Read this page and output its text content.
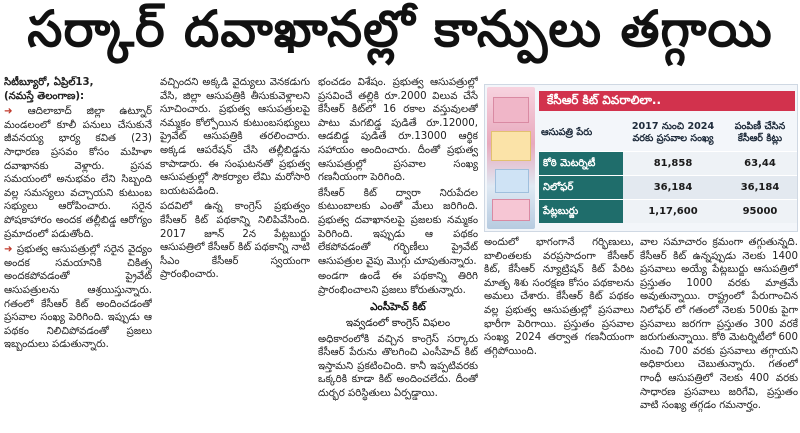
సర్కార్ దవాఖానల్లో కాన్పులు తగ్గాయి

సిటీబ్యూరో, ఏప్రిల్13,
(నమస్తే తెలంగాణ):

➜ ఆదిలాబాద్ జిల్లా ఉట్నూర్ మండలంలో కూలీ పనులు చేసుకునే జీవనయ్య భార్య కవిత (23) సాధారణ ప్రసవం కోసం మహిళా దవాఖానకు వెళ్లారు. ప్రసవ సమయంలో అనుభవం లేని సిబ్బంది వల్ల సమస్యలు వచ్చాయని కుటుంబ సభ్యులు ఆరోపించారు. సరైన పోషకాహారం అందక తల్లీబిడ్డ ఆరోగ్యం ప్రమాదంలో పడుతోంది.

➜ ప్రభుత్వ ఆసుపత్రుల్లో సరైన వైద్యం అందక సమయానికి చికిత్స అందకపోవడంతో ప్రైవేట్ ఆసుపత్రులను ఆశ్రయిస్తున్నారు. గతంలో కేసీఆర్ కిట్ అందించడంతో ప్రసవాల సంఖ్య పెరిగింది. ఇప్పుడు ఆ పథకం నిలిచిపోవడంతో ప్రజలు ఇబ్బందులు పడుతున్నారు.

వచ్చిందని అక్కడి వైద్యులు వెనకడుగు వేసి, జిల్లా ఆసుపత్రికి తీసుకువెళ్లాలని సూచించారు. ప్రభుత్వ ఆసుపత్రులపై నమ్మకం కోల్పోయిన కుటుంబసభ్యులు ప్రైవేట్ ఆసుపత్రికి తరలించారు. అక్కడ ఆపరేషన్ చేసి తల్లీబిడ్డను కాపాడారు. ఈ సంఘటనతో ప్రభుత్వ ఆసుపత్రుల్లో సౌకర్యాల లేమి మరోసారి బయటపడింది.

పదవిలో ఉన్న కాంగ్రెస్ ప్రభుత్వం కేసీఆర్ కిట్ పథకాన్ని నిలిపివేసింది. 2017 జూన్ 2న పేట్లబుర్జు ఆసుపత్రిలో కేసీఆర్ కిట్ పథకాన్ని నాటి సీఎం కేసీఆర్ స్వయంగా ప్రారంభించారు.

భంచడం విశేషం. ప్రభుత్వ ఆసుపత్రుల్లో ప్రసవించే తల్లికి రూ.2000 విలువ చేసే కేసీఆర్ కిట్‌లో 16 రకాల వస్తువులతో పాటు మగబిడ్డ పుడితే రూ.12000, ఆడబిడ్డ పుడితే రూ.13000 ఆర్థిక సహాయం అందించారు. దీంతో ప్రభుత్వ ఆసుపత్రుల్లో ప్రసవాల సంఖ్య గణనీయంగా పెరిగింది.

కేసీఆర్ కిట్ ద్వారా నిరుపేదల కుటుంబాలకు ఎంతో మేలు జరిగింది. ప్రభుత్వ దవాఖానలపై ప్రజలకు నమ్మకం పెరిగింది. ఇప్పుడు ఆ పథకం లేకపోవడంతో గర్భిణీలు ప్రైవేట్ ఆసుపత్రుల వైపు మొగ్గు చూపుతున్నారు.

అండగా ఉండే ఈ పథకాన్ని తిరిగి ప్రారంభించాలని ప్రజలు కోరుతున్నారు.

ఎంసీహెచ్ కిట్
ఇవ్వడంలో కాంగ్రెస్ విఫలం

అధికారంలోకి వచ్చిన కాంగ్రెస్ సర్కారు కేసీఆర్ పేరును తొలగించి ఎంసీహెచ్ కిట్ ఇస్తామని ప్రకటించింది. కానీ ఇప్పటివరకు ఒక్కరికి కూడా కిట్ అందించలేదు. దీంతో దుర్భర పరిస్థితులు ఏర్పడ్డాయి.

కేసీఆర్ కిట్ వివరాలిలా..
ఆసుపత్రి పేరు
2017 నుంచి 2024 వరకు ప్రసవాల సంఖ్య
పంపిణీ చేసిన కేసీఆర్ కిట్లు
కోఠి మెటర్నిటీ	81,858	63,44
నిలోఫర్	36,184	36,184
పేట్లబుర్జు	1,17,600	95000

అందులో భాగంగానే గర్భిణులు, బాలింతలకు వరప్రసాదంగా కేసీఆర్ కిట్, కేసీఆర్ న్యూట్రిషన్ కిట్ పేరిట మాతృ శిశు సంరక్షణ కోసం పథకాలను అమలు చేశారు. కేసీఆర్ కిట్ పథకం వల్ల ప్రభుత్వ ఆసుపత్రుల్లో ప్రసవాలు భారీగా పెరిగాయి. ప్రస్తుతం ప్రసవాల సంఖ్య 2024 తర్వాత గణనీయంగా తగ్గిపోయింది.

వాల సమాచారం క్రమంగా తగ్గుతున్నది. కేసీఆర్ కిట్ ఉన్నప్పుడు నెలకు 1400 ప్రసవాలు అయ్యే పేట్లబుర్జు ఆసుపత్రిలో ప్రస్తుతం 1000 వరకు మాత్రమే అవుతున్నాయి. రాష్ట్రంలో పేరుగాంచిన నిలోఫర్ లో గతంలో నెలకు 500కు పైగా ప్రసవాలు జరగగా ప్రస్తుతం 300 వరకే జరుగుతున్నాయి. కోఠి మెటర్నిటీలో 600 నుంచి 700 వరకు ప్రసవాలు తగ్గాయని అధికారులు చెబుతున్నారు. గతంలో గాంధీ ఆసుపత్రిలో నెలకు 400 వరకు సాధారణ ప్రసవాలు జరిగేవి, ప్రస్తుతం వాటి సంఖ్య తగ్గడం గమనార్హం.
